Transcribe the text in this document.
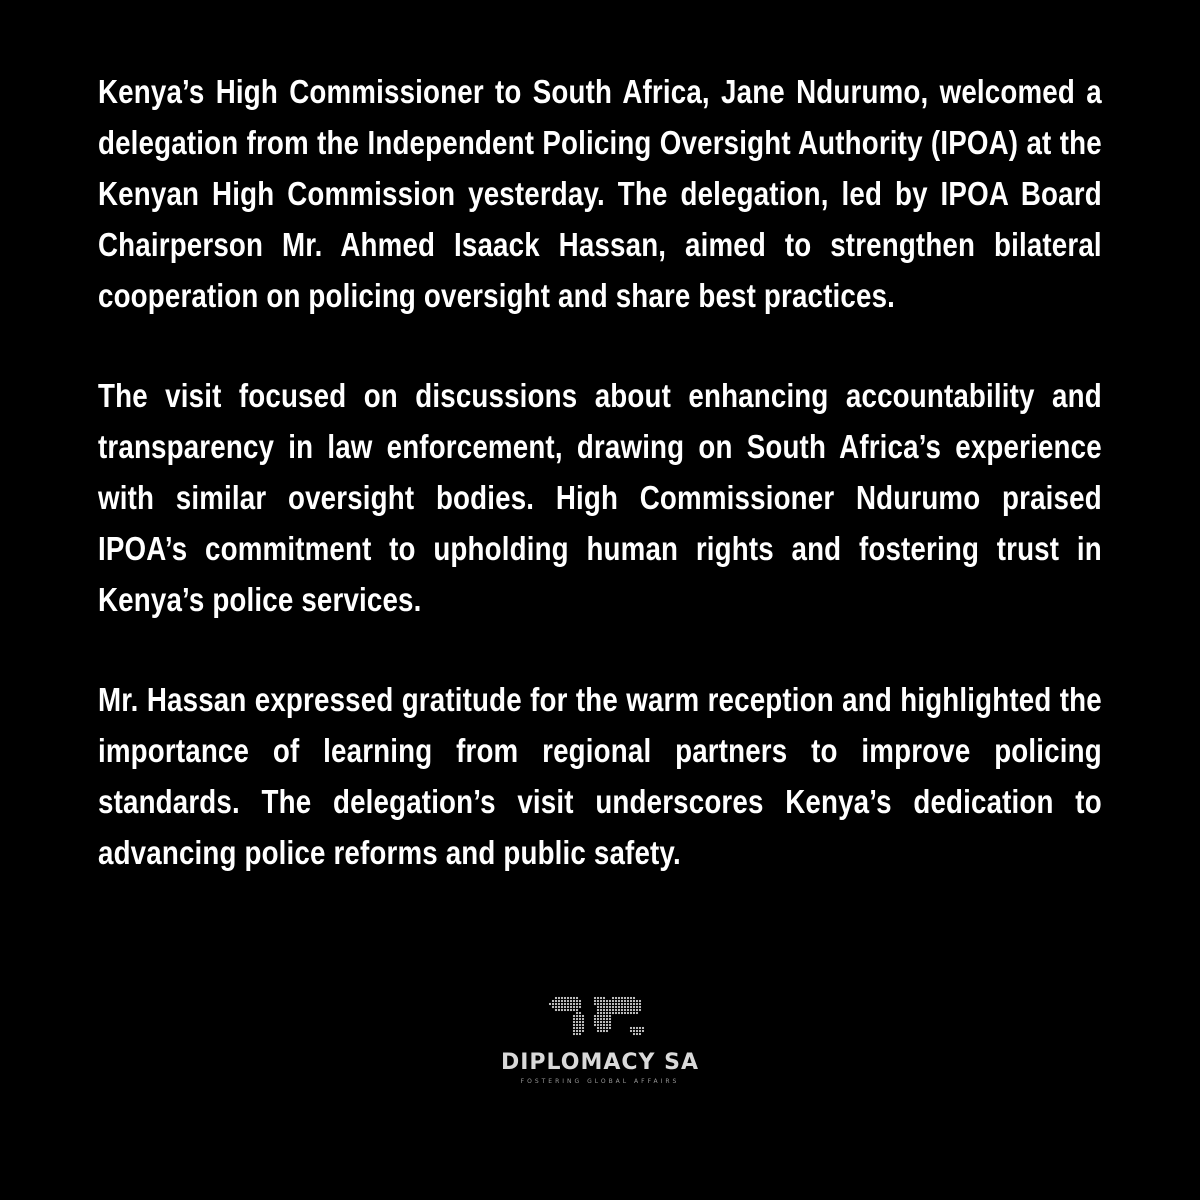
Kenya’s High Commissioner to South Africa, Jane Ndurumo, welcomed a delegation from the Independent Policing Oversight Authority (IPOA) at the Kenyan High Commission yesterday. The delegation, led by IPOA Board Chairperson Mr. Ahmed Isaack Hassan, aimed to strengthen bilateral cooperation on policing oversight and share best practices.

The visit focused on discussions about enhancing accountability and transparency in law enforcement, drawing on South Africa’s experience with similar oversight bodies. High Commissioner Ndurumo praised IPOA’s commitment to upholding human rights and fostering trust in Kenya’s police services.

Mr. Hassan expressed gratitude for the warm reception and highlighted the importance of learning from regional partners to improve policing standards. The delegation’s visit underscores Kenya’s dedication to advancing police reforms and public safety.

DIPLOMACY SA
FOSTERING GLOBAL AFFAIRS
